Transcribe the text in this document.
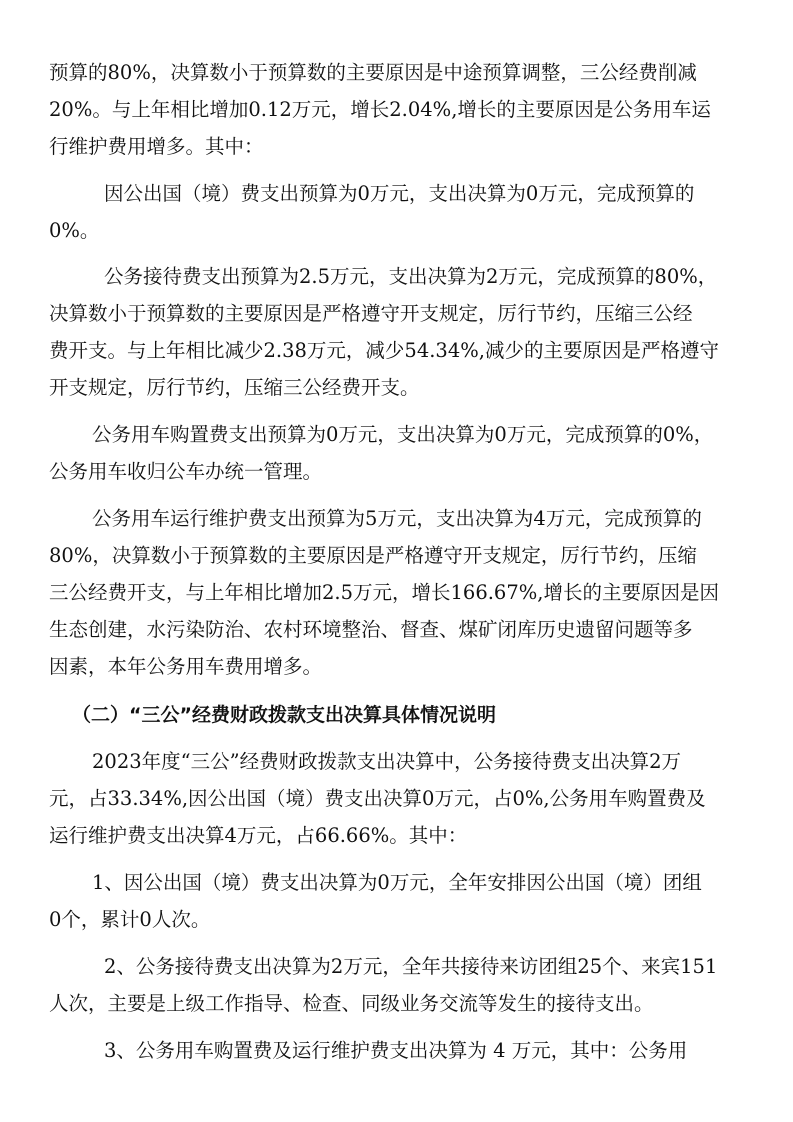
预算的80%，决算数小于预算数的主要原因是中途预算调整，三公经费削减
20%。与上年相比增加0.12万元，增长2.04%,增长的主要原因是公务用车运
行维护费用增多。其中：
因公出国（境）费支出预算为0万元，支出决算为0万元，完成预算的
0%。
公务接待费支出预算为2.5万元，支出决算为2万元，完成预算的80%，
决算数小于预算数的主要原因是严格遵守开支规定，厉行节约，压缩三公经
费开支。与上年相比减少2.38万元，减少54.34%,减少的主要原因是严格遵守
开支规定，厉行节约，压缩三公经费开支。
公务用车购置费支出预算为0万元，支出决算为0万元，完成预算的0%，
公务用车收归公车办统一管理。
公务用车运行维护费支出预算为5万元，支出决算为4万元，完成预算的
80%，决算数小于预算数的主要原因是严格遵守开支规定，厉行节约，压缩
三公经费开支，与上年相比增加2.5万元，增长166.67%,增长的主要原因是因
生态创建，水污染防治、农村环境整治、督查、煤矿闭库历史遗留问题等多
因素，本年公务用车费用增多。
（二）“三公”经费财政拨款支出决算具体情况说明
2023年度“三公”经费财政拨款支出决算中，公务接待费支出决算2万
元，占33.34%,因公出国（境）费支出决算0万元，占0%,公务用车购置费及
运行维护费支出决算4万元，占66.66%。其中：
1、因公出国（境）费支出决算为0万元，全年安排因公出国（境）团组
0个，累计0人次。
2、公务接待费支出决算为2万元，全年共接待来访团组25个、来宾151
人次，主要是上级工作指导、检查、同级业务交流等发生的接待支出。
3、公务用车购置费及运行维护费支出决算为 4 万元，其中：公务用
